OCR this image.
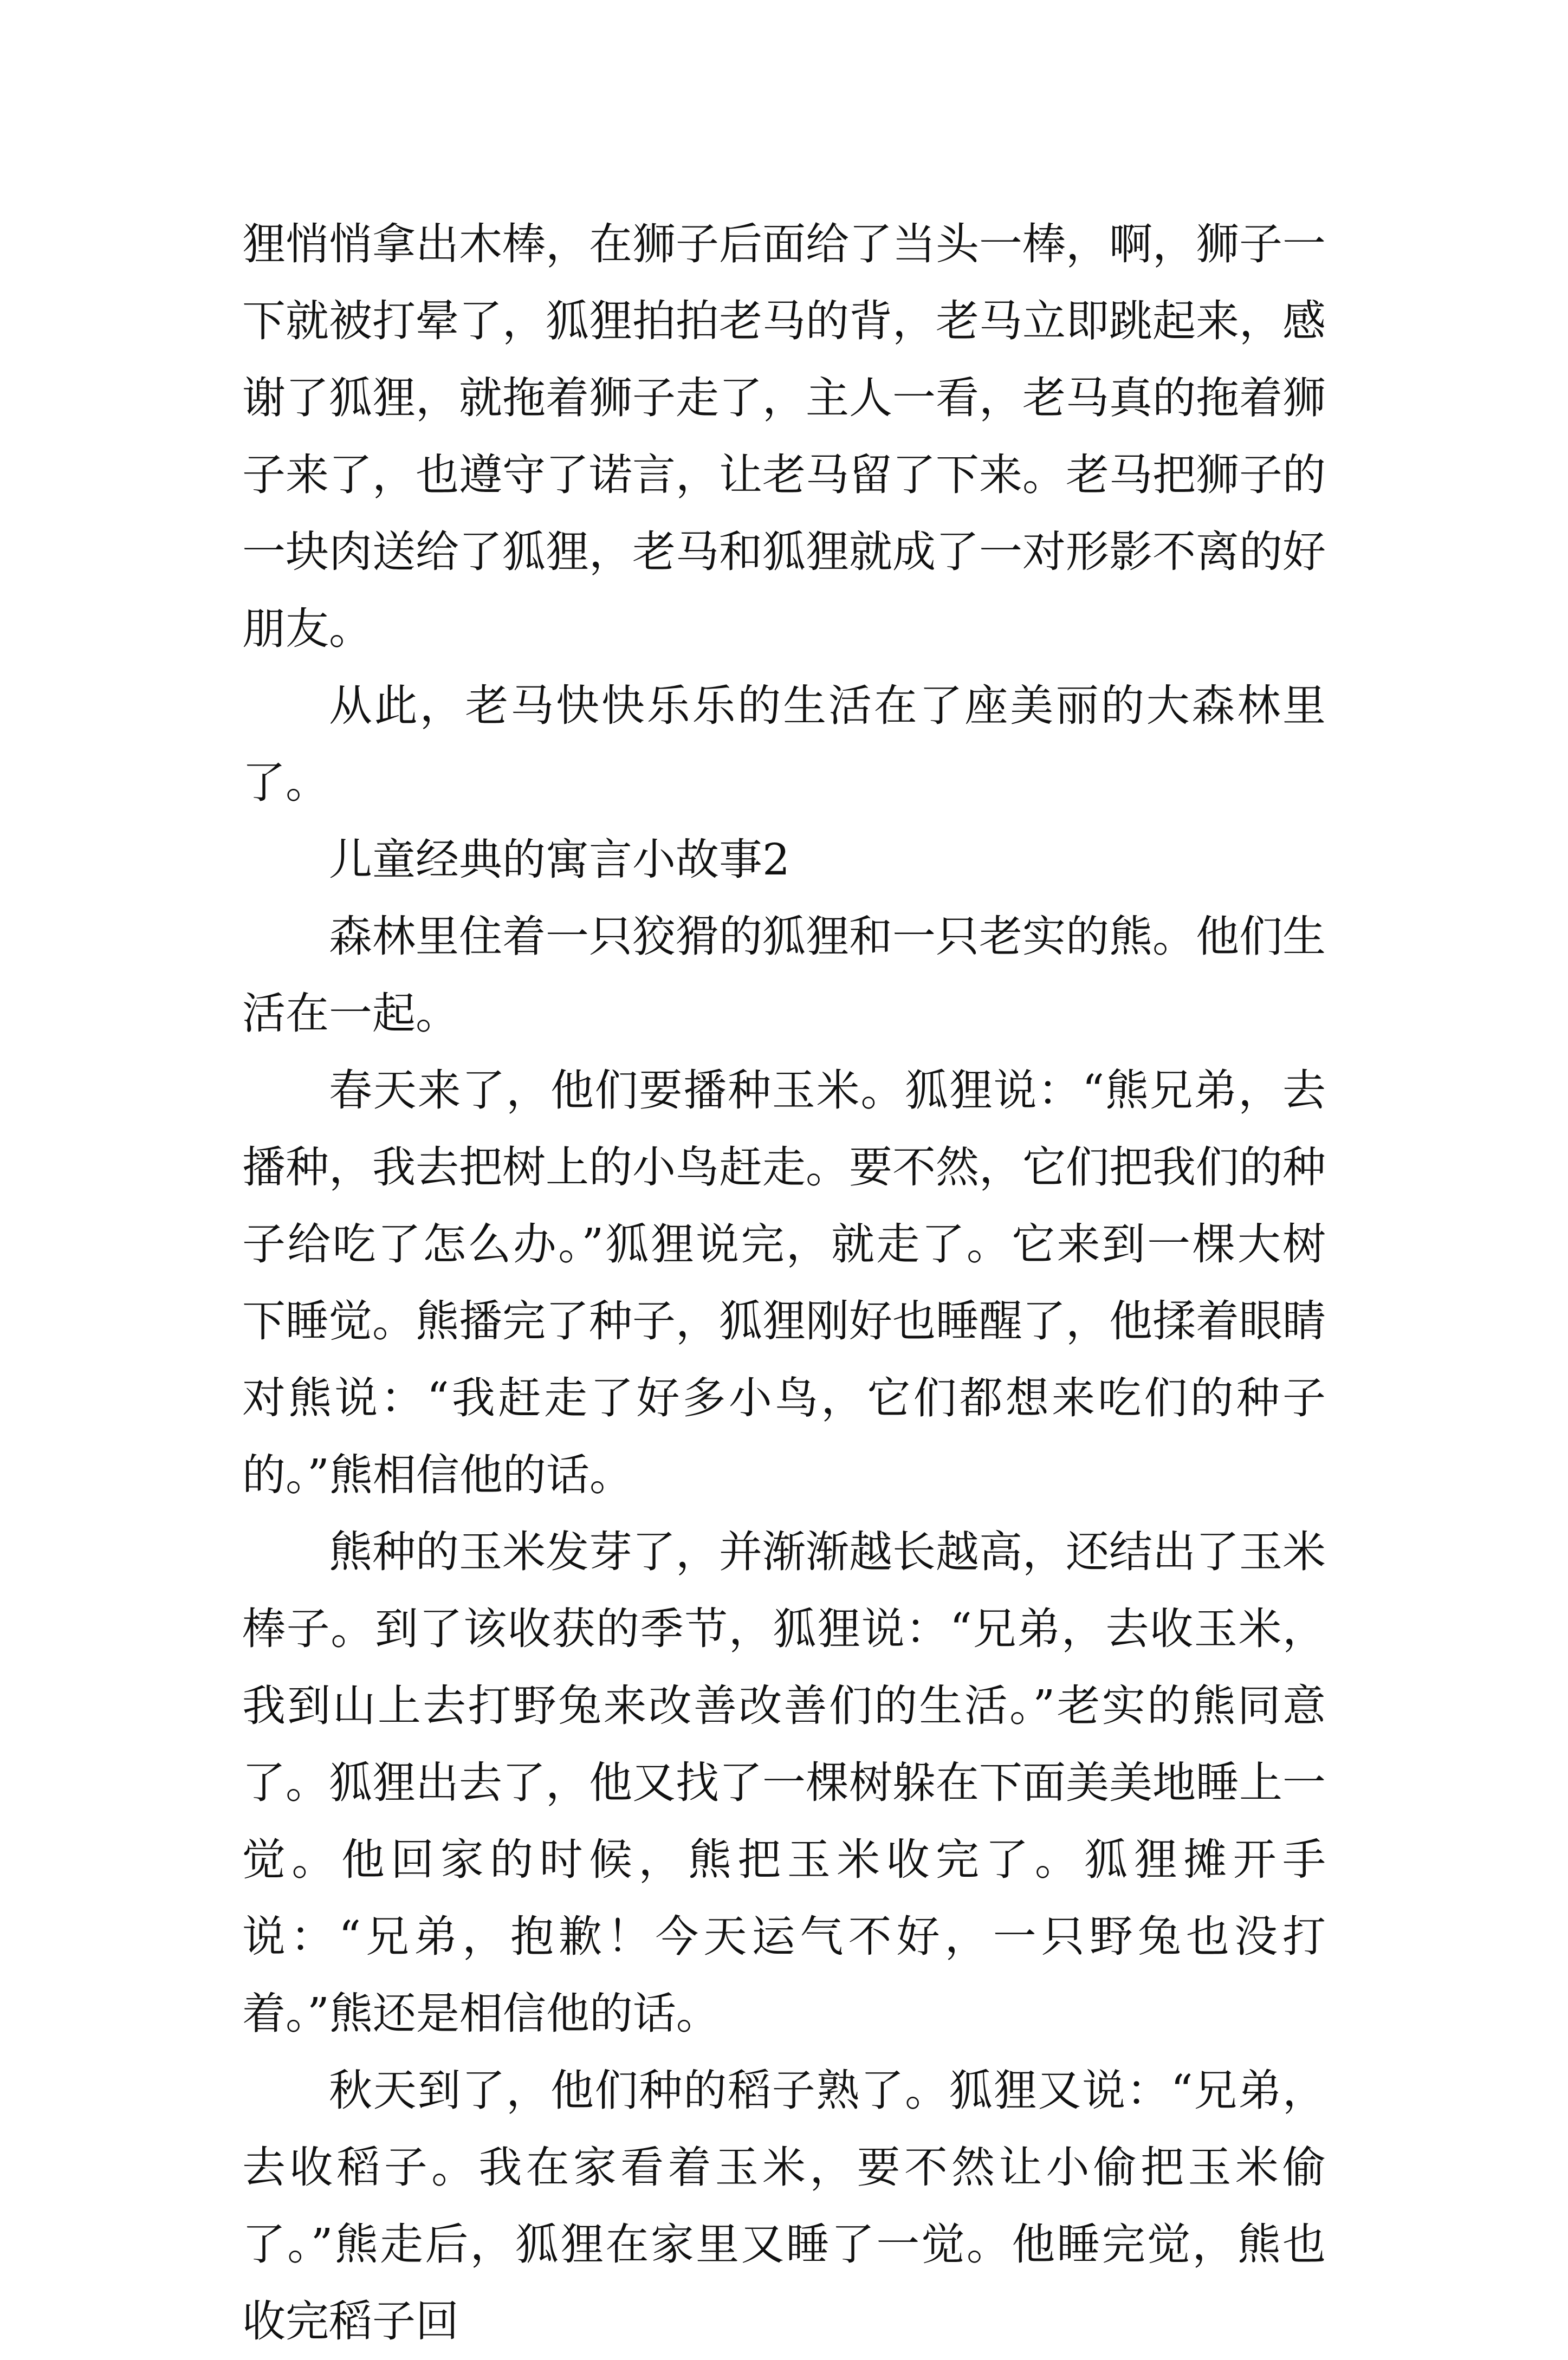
狸悄悄拿出木棒，在狮子后面给了当头一棒，啊，狮子一下就被打晕了，狐狸拍拍老马的背，老马立即跳起来，感谢了狐狸，就拖着狮子走了，主人一看，老马真的拖着狮子来了，也遵守了诺言，让老马留了下来。老马把狮子的一块肉送给了狐狸，老马和狐狸就成了一对形影不离的好朋友。

从此，老马快快乐乐的生活在了座美丽的大森林里了。

儿童经典的寓言小故事2

森林里住着一只狡猾的狐狸和一只老实的熊。他们生活在一起。

春天来了，他们要播种玉米。狐狸说：“熊兄弟，去播种，我去把树上的小鸟赶走。要不然，它们把我们的种子给吃了怎么办。”狐狸说完，就走了。它来到一棵大树下睡觉。熊播完了种子，狐狸刚好也睡醒了，他揉着眼睛对熊说：“我赶走了好多小鸟，它们都想来吃们的种子的。”熊相信他的话。

熊种的玉米发芽了，并渐渐越长越高，还结出了玉米棒子。到了该收获的季节，狐狸说：“兄弟，去收玉米，我到山上去打野兔来改善改善们的生活。”老实的熊同意了。狐狸出去了，他又找了一棵树躲在下面美美地睡上一觉。他回家的时候，熊把玉米收完了。狐狸摊开手说：“兄弟，抱歉！今天运气不好，一只野兔也没打着。”熊还是相信他的话。

秋天到了，他们种的稻子熟了。狐狸又说：“兄弟，去收稻子。我在家看着玉米，要不然让小偷把玉米偷了。”熊走后，狐狸在家里又睡了一觉。他睡完觉，熊也收完稻子回
